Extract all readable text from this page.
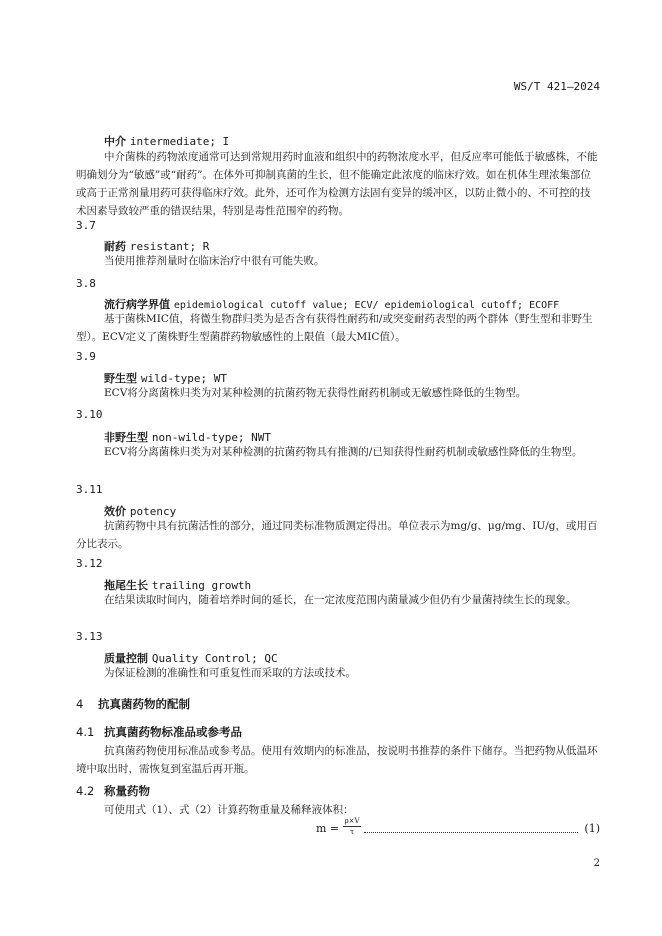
WS/T 421—2024
中介 intermediate; I
中介菌株的药物浓度通常可达到常规用药时血液和组织中的药物浓度水平，但反应率可能低于敏感株，不能明确划分为“敏感”或“耐药”。在体外可抑制真菌的生长，但不能确定此浓度的临床疗效。如在机体生理浓集部位或高于正常剂量用药可获得临床疗效。此外，还可作为检测方法固有变异的缓冲区，以防止微小的、不可控的技术因素导致较严重的错误结果，特别是毒性范围窄的药物。
3.7
耐药 resistant; R
当使用推荐剂量时在临床治疗中很有可能失败。
3.8
流行病学界值 epidemiological cutoff value; ECV/ epidemiological cutoff; ECOFF
基于菌株MIC值，将微生物群归类为是否含有获得性耐药和/或突变耐药表型的两个群体（野生型和非野生型）。ECV定义了菌株野生型菌群药物敏感性的上限值（最大MIC值）。
3.9
野生型 wild-type; WT
ECV将分离菌株归类为对某种检测的抗菌药物无获得性耐药机制或无敏感性降低的生物型。
3.10
非野生型 non-wild-type; NWT
ECV将分离菌株归类为对某种检测的抗菌药物具有推测的/已知获得性耐药机制或敏感性降低的生物型。
3.11
效价 potency
抗菌药物中具有抗菌活性的部分，通过同类标准物质测定得出。单位表示为mg/g、μg/mg、IU/g，或用百分比表示。
3.12
拖尾生长 trailing growth
在结果读取时间内，随着培养时间的延长，在一定浓度范围内菌量减少但仍有少量菌持续生长的现象。
3.13
质量控制 Quality Control; QC
为保证检测的准确性和可重复性而采取的方法或技术。
4 抗真菌药物的配制
4.1 抗真菌药物标准品或参考品
抗真菌药物使用标准品或参考品。使用有效期内的标准品，按说明书推荐的条件下储存。当把药物从低温环境中取出时，需恢复到室温后再开瓶。
4.2 称量药物
可使用式（1）、式（2）计算药物重量及稀释液体积：
m =
ρ×V
τ	(1)
2
